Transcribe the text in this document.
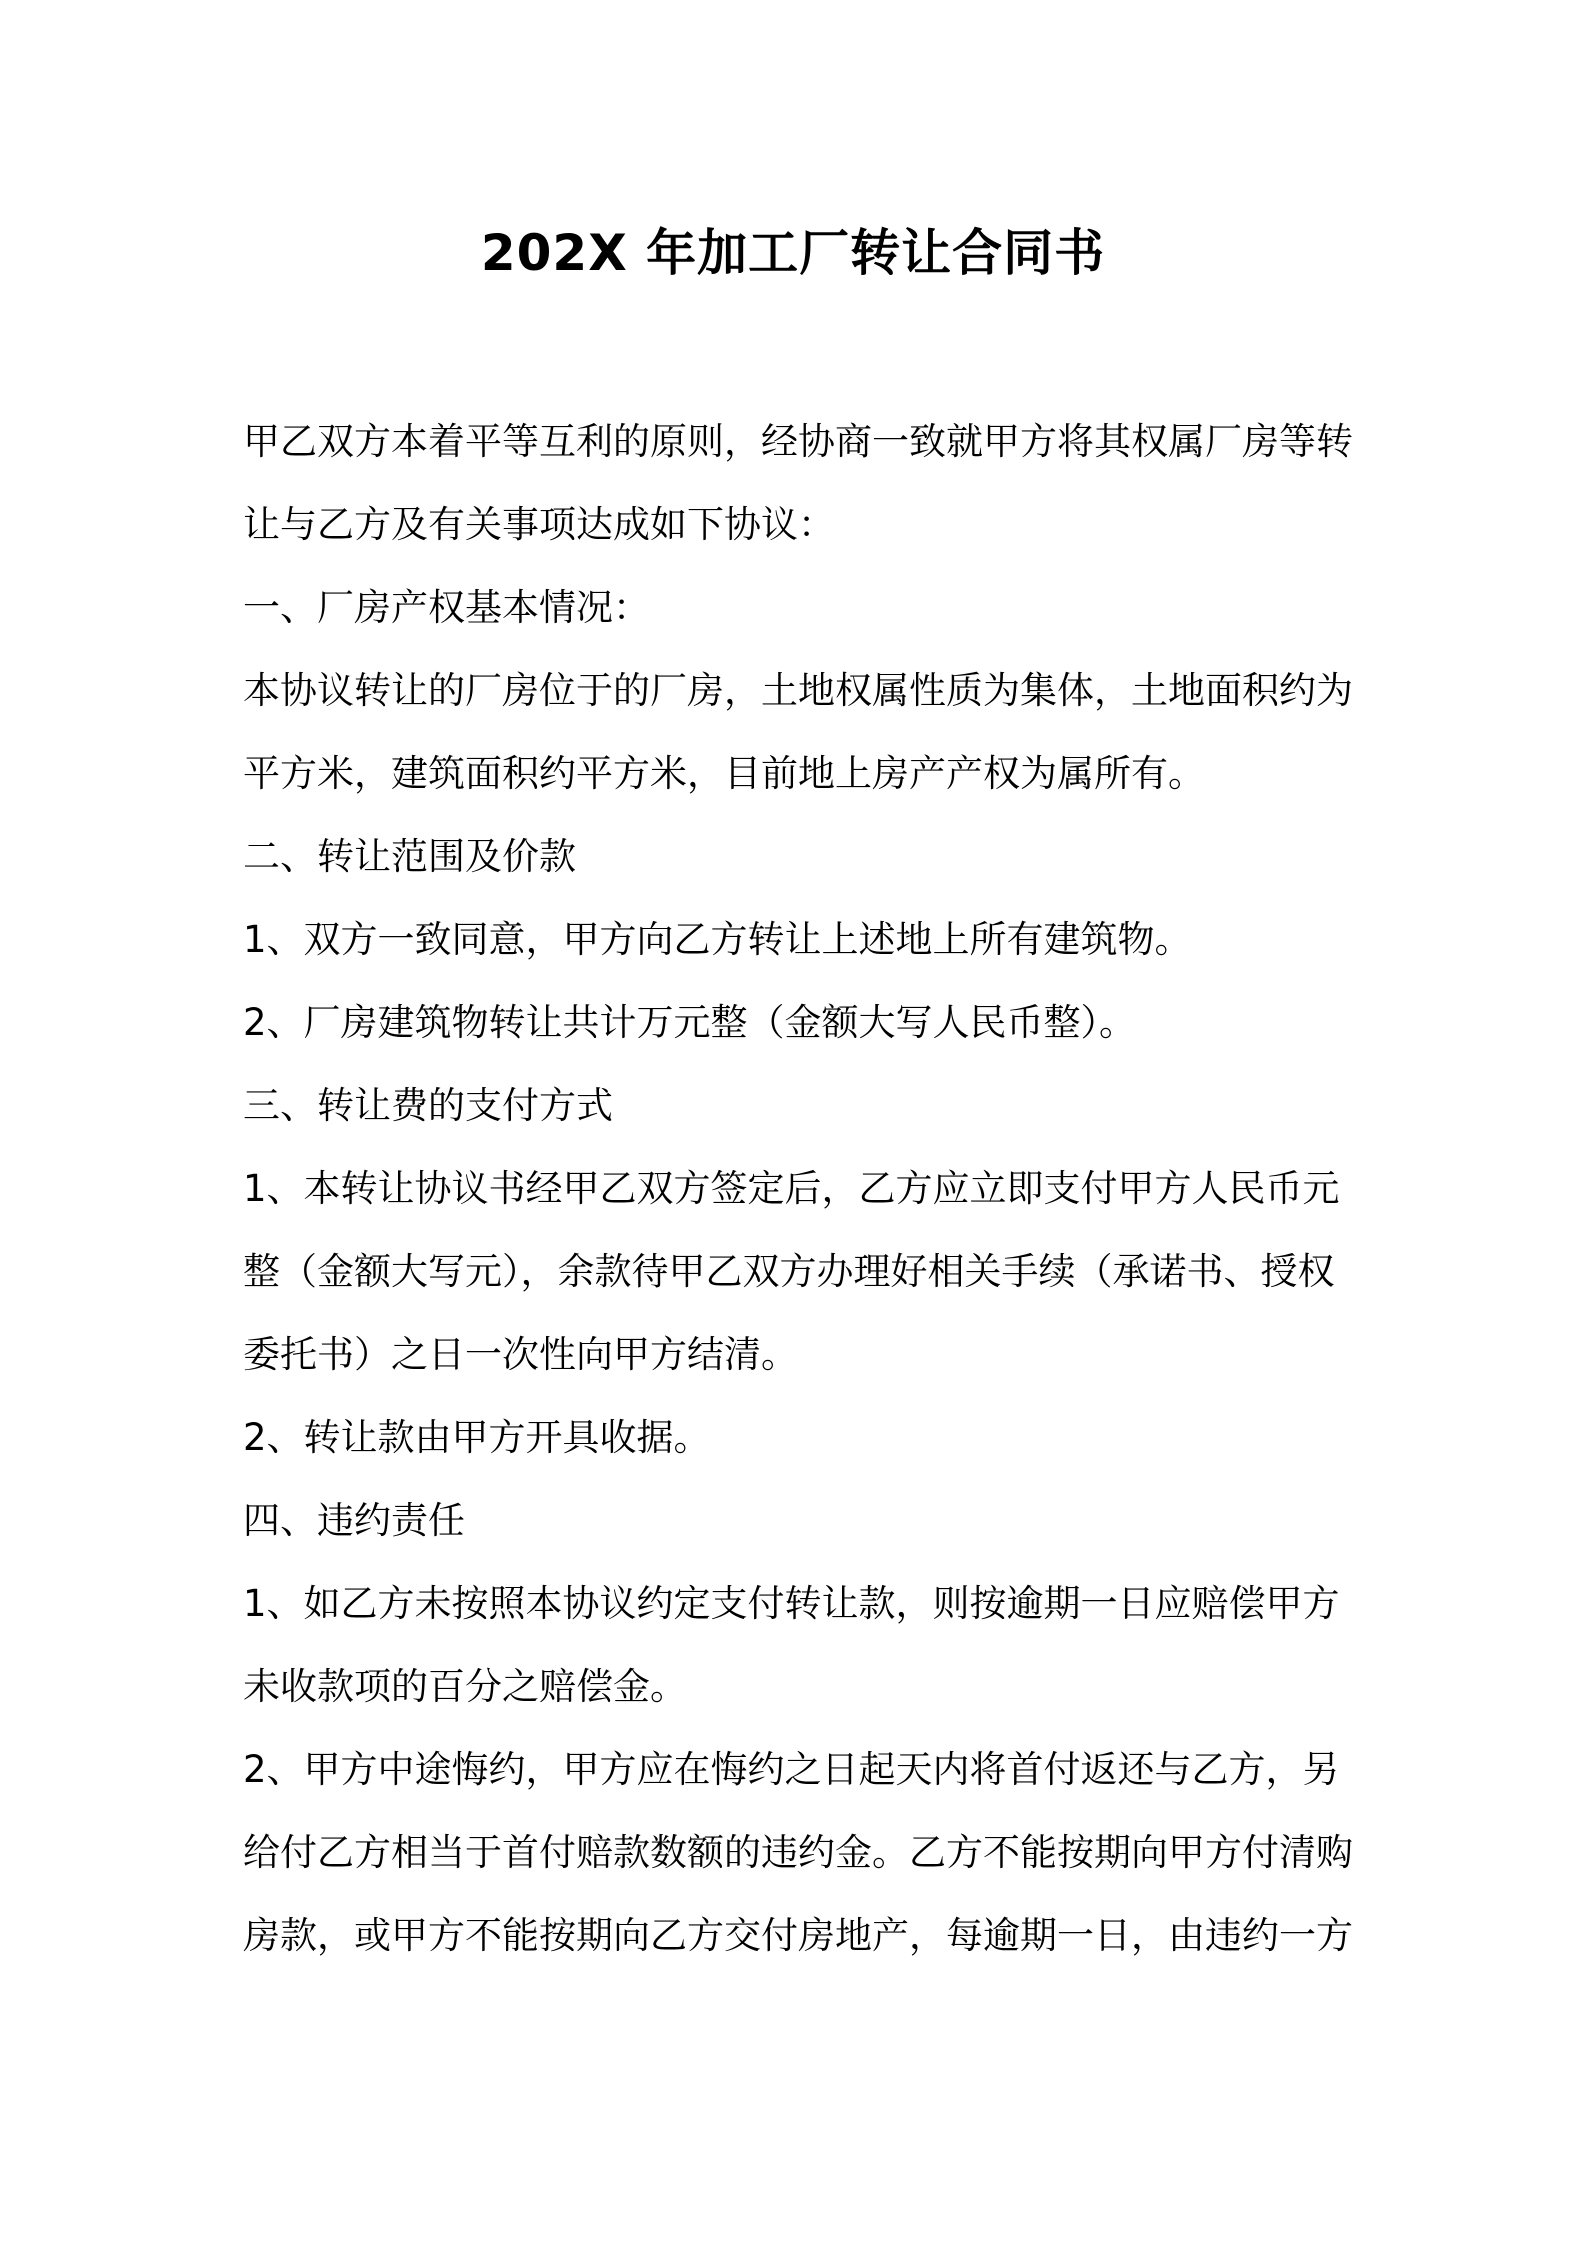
202X 年加工厂转让合同书
甲乙双方本着平等互利的原则，经协商一致就甲方将其权属厂房等转
让与乙方及有关事项达成如下协议：
一、厂房产权基本情况：
本协议转让的厂房位于的厂房，土地权属性质为集体，土地面积约为
平方米，建筑面积约平方米，目前地上房产产权为属所有。
二、转让范围及价款
1、双方一致同意，甲方向乙方转让上述地上所有建筑物。
2、厂房建筑物转让共计万元整（金额大写人民币整）。
三、转让费的支付方式
1、本转让协议书经甲乙双方签定后，乙方应立即支付甲方人民币元
整（金额大写元），余款待甲乙双方办理好相关手续（承诺书、授权
委托书）之日一次性向甲方结清。
2、转让款由甲方开具收据。
四、违约责任
1、如乙方未按照本协议约定支付转让款，则按逾期一日应赔偿甲方
未收款项的百分之赔偿金。
2、甲方中途悔约，甲方应在悔约之日起天内将首付返还与乙方，另
给付乙方相当于首付赔款数额的违约金。乙方不能按期向甲方付清购
房款，或甲方不能按期向乙方交付房地产，每逾期一日，由违约一方
